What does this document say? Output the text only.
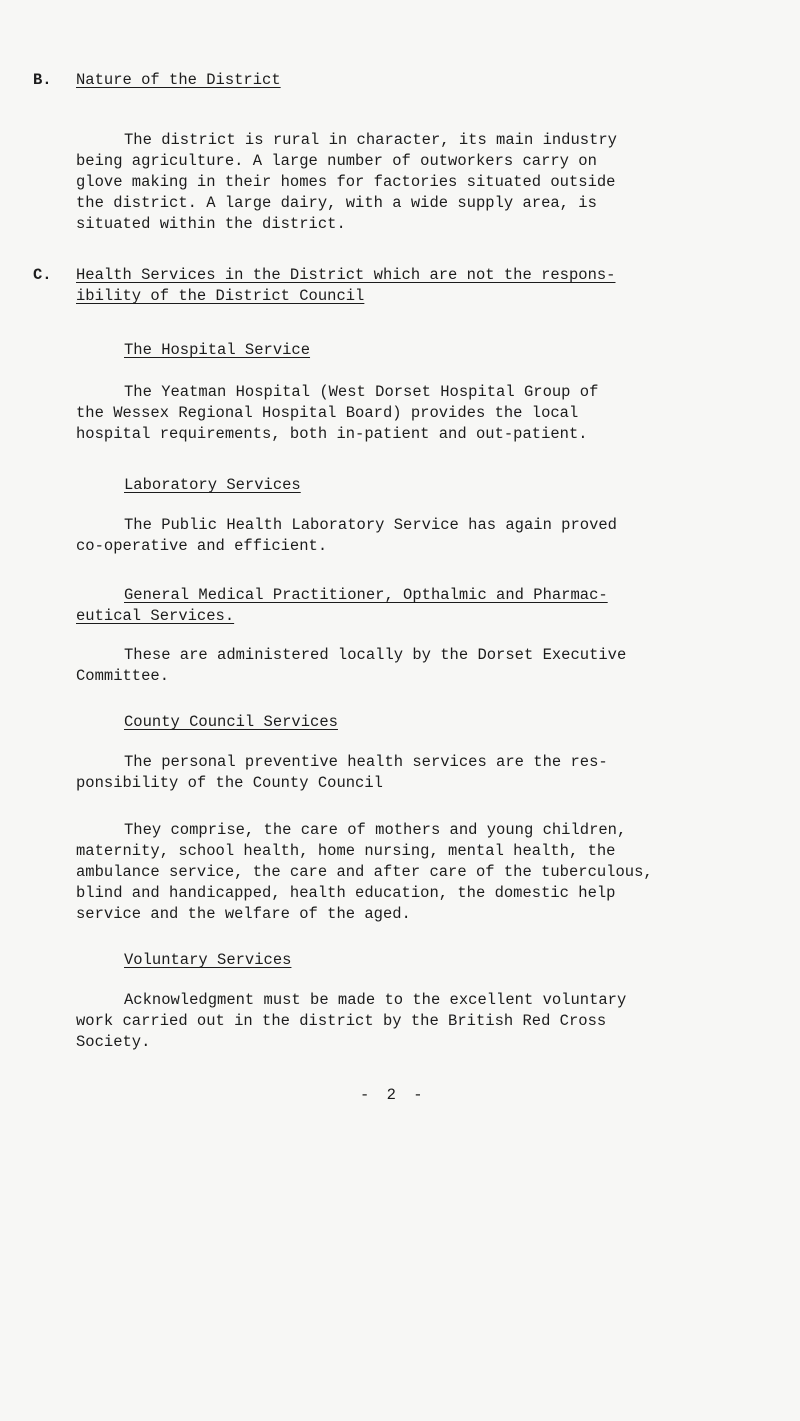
B. Nature of the District
The district is rural in character, its main industry
being agriculture. A large number of outworkers carry on
glove making in their homes for factories situated outside
the district. A large dairy, with a wide supply area, is
situated within the district.
C. Health Services in the District which are not the respons-
ibility of the District Council
The Hospital Service
The Yeatman Hospital (West Dorset Hospital Group of
the Wessex Regional Hospital Board) provides the local
hospital requirements, both in-patient and out-patient.
Laboratory Services
The Public Health Laboratory Service has again proved
co-operative and efficient.
General Medical Practitioner, Opthalmic and Pharmac-
eutical Services.
These are administered locally by the Dorset Executive
Committee.
County Council Services
The personal preventive health services are the res-
ponsibility of the County Council
They comprise, the care of mothers and young children,
maternity, school health, home nursing, mental health, the
ambulance service, the care and after care of the tuberculous,
blind and handicapped, health education, the domestic help
service and the welfare of the aged.
Voluntary Services
Acknowledgment must be made to the excellent voluntary
work carried out in the district by the British Red Cross
Society.
- 2 -
